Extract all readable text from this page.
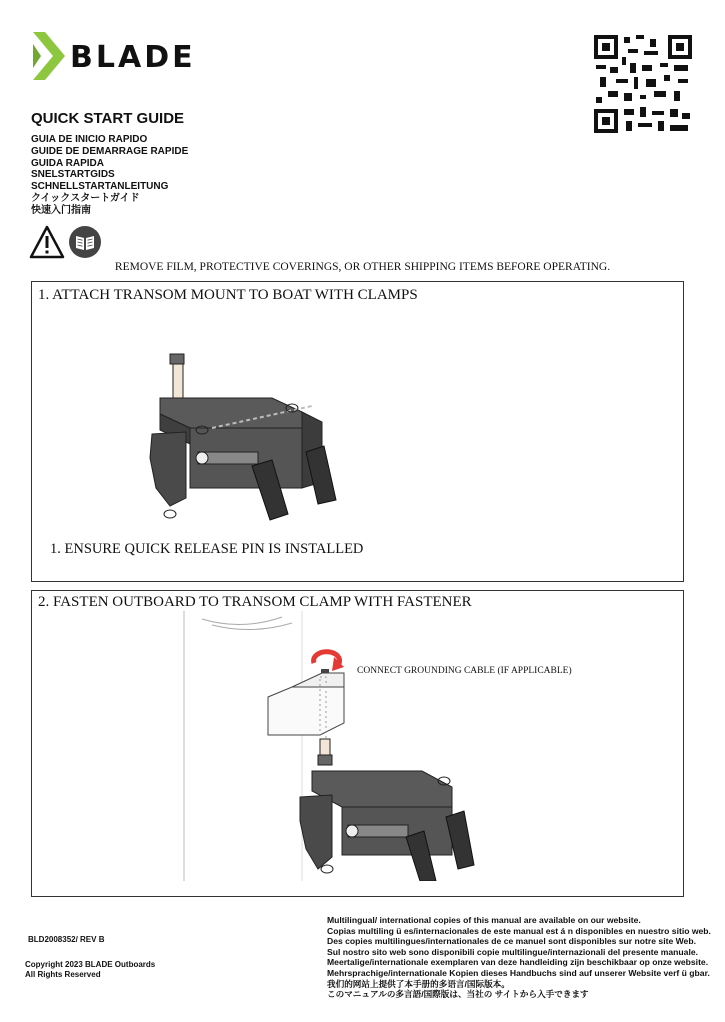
BLADE
QUICK START GUIDE
GUIA DE INICIO RAPIDO
GUIDE DE DEMARRAGE RAPIDE
GUIDA RAPIDA
SNELSTARTGIDS
SCHNELLSTARTANLEITUNG
クイックスタートガイド
快速入门指南
REMOVE FILM, PROTECTIVE COVERINGS, OR OTHER SHIPPING ITEMS BEFORE OPERATING.
1. ATTACH TRANSOM MOUNT TO BOAT WITH CLAMPS
1. ENSURE QUICK RELEASE PIN IS INSTALLED
2. FASTEN OUTBOARD TO TRANSOM CLAMP WITH FASTENER
CONNECT GROUNDING CABLE (IF APPLICABLE)
BLD2008352/ REV B
Copyright 2023 BLADE Outboards
All Rights Reserved
Multilingual/ international copies of this manual are available on our website.
Copias multiling ü es/internacionales de este manual est á n disponibles en nuestro sitio web.
Des copies multilingues/internationales de ce manuel sont disponibles sur notre site Web.
Sul nostro sito web sono disponibili copie multilingue/internazionali del presente manuale.
Meertalige/internationale exemplaren van deze handleiding zijn beschikbaar op onze website.
Mehrsprachige/internationale Kopien dieses Handbuchs sind auf unserer Website verf ü gbar.
我们的网站上提供了本手册的多语言/国际版本。
このマニュアルの多言語/国際版は、当社の サイトから入手できます
